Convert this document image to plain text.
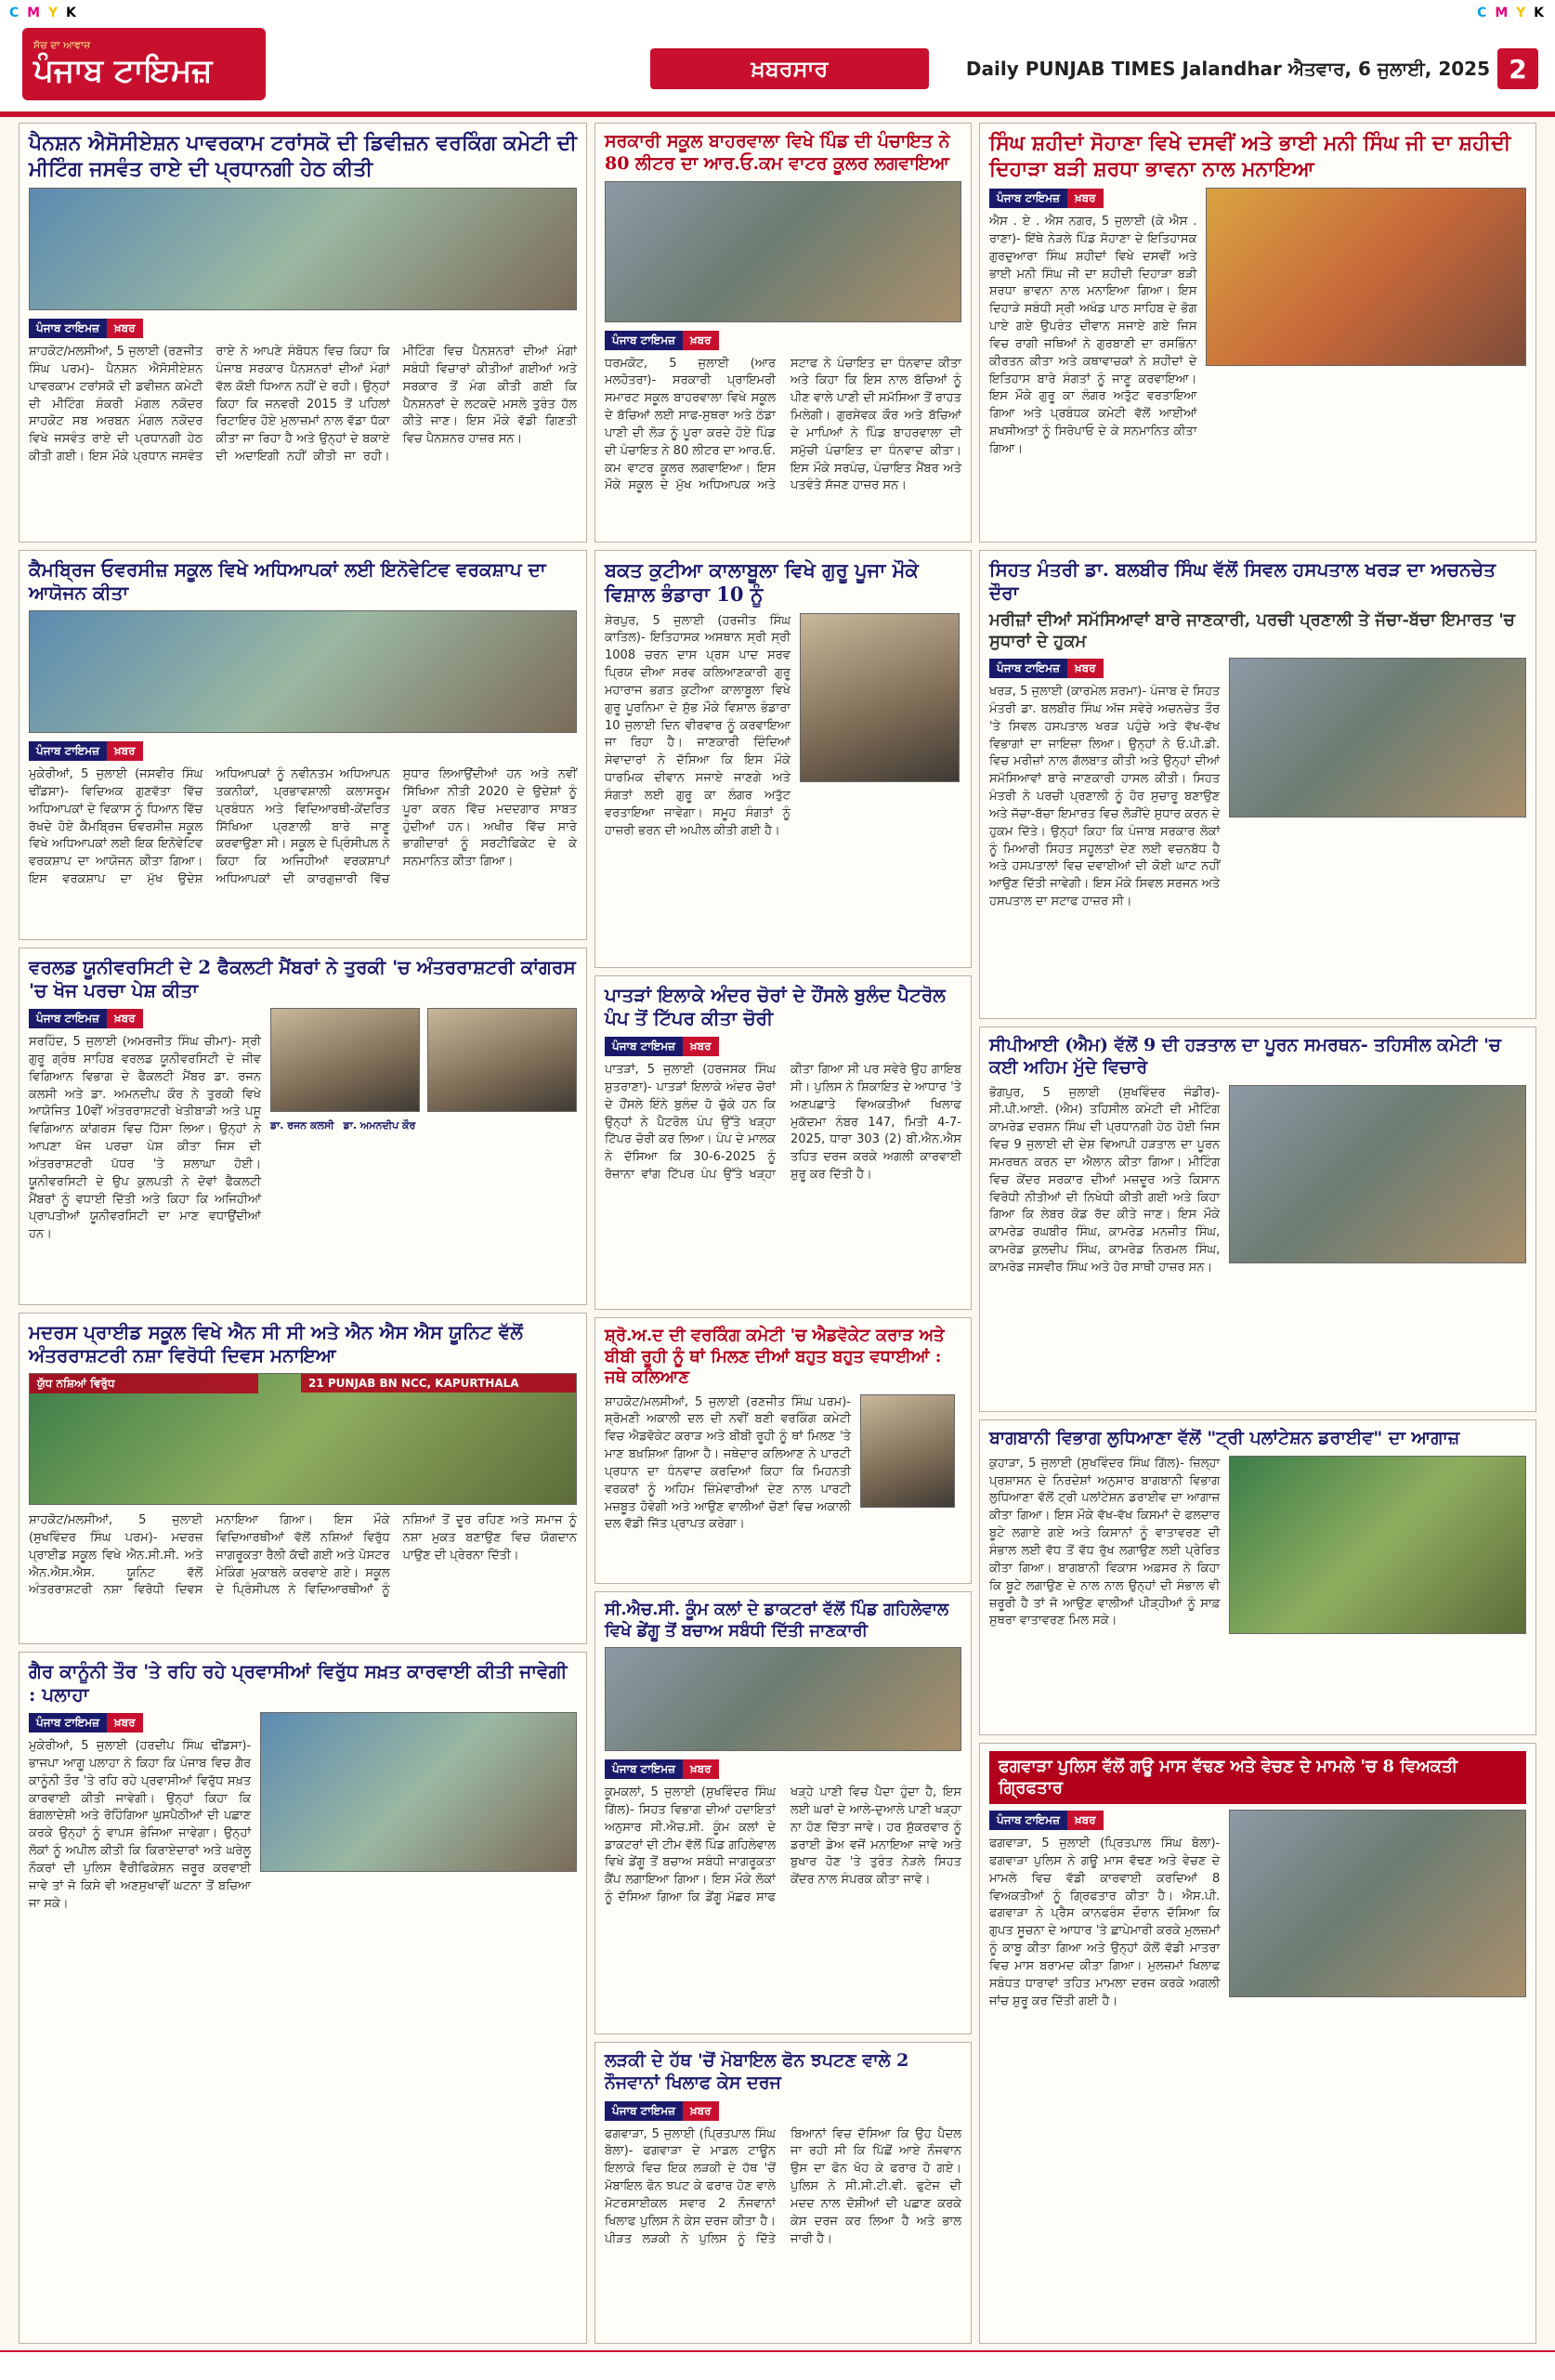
C M Y K	C M Y K
ਸੱਚ ਦਾ ਆਵਾਜ਼
ਪੰਜਾਬ ਟਾਇਮਜ਼	ਖ਼ਬਰਸਾਰ	Daily PUNJAB TIMES Jalandhar ਐਤਵਾਰ, 6 ਜੁਲਾਈ, 2025 2
ਪੈਨਸ਼ਨ ਐਸੋਸੀਏਸ਼ਨ ਪਾਵਰਕਾਮ ਟਰਾਂਸਕੋ ਦੀ ਡਿਵੀਜ਼ਨ ਵਰਕਿੰਗ ਕਮੇਟੀ ਦੀ ਮੀਟਿੰਗ ਜਸਵੰਤ ਰਾਏ ਦੀ ਪ੍ਰਧਾਨਗੀ ਹੇਠ ਕੀਤੀ
ਪੰਜਾਬ ਟਾਇਮਜ਼	ਖ਼ਬਰ
ਸ਼ਾਹਕੋਟ/ਮਲਸੀਆਂ, 5 ਜੁਲਾਈ (ਰਣਜੀਤ ਸਿੰਘ ਪਰਮ)- ਪੈਨਸ਼ਨ ਐਸੋਸੀਏਸ਼ਨ ਪਾਵਰਕਾਮ ਟਰਾਂਸਕੋ ਦੀ ਡਵੀਜ਼ਨ ਕਮੇਟੀ ਦੀ ਮੀਟਿੰਗ ਸ਼ੰਕਰੀ ਮੰਗਲ ਨਕੋਦਰ ਸਾਹਕੋਟ ਸਬ ਅਰਬਨ ਮੰਗਲ ਨਕੋਦਰ ਵਿਖੇ ਜਸਵੰਤ ਰਾਏ ਦੀ ਪ੍ਰਧਾਨਗੀ ਹੇਠ ਕੀਤੀ ਗਈ। ਇਸ ਮੌਕੇ ਪ੍ਰਧਾਨ ਜਸਵੰਤ ਰਾਏ ਨੇ ਆਪਣੇ ਸੰਬੋਧਨ ਵਿਚ ਕਿਹਾ ਕਿ ਪੰਜਾਬ ਸਰਕਾਰ ਪੈਨਸ਼ਨਰਾਂ ਦੀਆਂ ਮੰਗਾਂ ਵੱਲ ਕੋਈ ਧਿਆਨ ਨਹੀਂ ਦੇ ਰਹੀ। ਉਨ੍ਹਾਂ ਕਿਹਾ ਕਿ ਜਨਵਰੀ 2015 ਤੋਂ ਪਹਿਲਾਂ ਰਿਟਾਇਰ ਹੋਏ ਮੁਲਾਜ਼ਮਾਂ ਨਾਲ ਵੱਡਾ ਧੱਕਾ ਕੀਤਾ ਜਾ ਰਿਹਾ ਹੈ ਅਤੇ ਉਨ੍ਹਾਂ ਦੇ ਬਕਾਏ ਦੀ ਅਦਾਇਗੀ ਨਹੀਂ ਕੀਤੀ ਜਾ ਰਹੀ। ਮੀਟਿੰਗ ਵਿਚ ਪੈਨਸ਼ਨਰਾਂ ਦੀਆਂ ਮੰਗਾਂ ਸਬੰਧੀ ਵਿਚਾਰਾਂ ਕੀਤੀਆਂ ਗਈਆਂ ਅਤੇ ਸਰਕਾਰ ਤੋਂ ਮੰਗ ਕੀਤੀ ਗਈ ਕਿ ਪੈਨਸ਼ਨਰਾਂ ਦੇ ਲਟਕਦੇ ਮਸਲੇ ਤੁਰੰਤ ਹੱਲ ਕੀਤੇ ਜਾਣ। ਇਸ ਮੌਕੇ ਵੱਡੀ ਗਿਣਤੀ ਵਿਚ ਪੈਨਸ਼ਨਰ ਹਾਜ਼ਰ ਸਨ।
ਸਰਕਾਰੀ ਸਕੂਲ ਬਾਹਰਵਾਲਾ ਵਿਖੇ ਪਿੰਡ ਦੀ ਪੰਚਾਇਤ ਨੇ 80 ਲੀਟਰ ਦਾ ਆਰ.ਓ.ਕਮ ਵਾਟਰ ਕੂਲਰ ਲਗਵਾਇਆ
ਪੰਜਾਬ ਟਾਇਮਜ਼	ਖ਼ਬਰ
ਧਰਮਕੋਟ, 5 ਜੁਲਾਈ (ਆਰ ਮਲਹੋਤਰਾ)- ਸਰਕਾਰੀ ਪ੍ਰਾਇਮਰੀ ਸਮਾਰਟ ਸਕੂਲ ਬਾਹਰਵਾਲਾ ਵਿਖੇ ਸਕੂਲ ਦੇ ਬੱਚਿਆਂ ਲਈ ਸਾਫ-ਸੁਥਰਾ ਅਤੇ ਠੰਡਾ ਪਾਣੀ ਦੀ ਲੋੜ ਨੂੰ ਪੂਰਾ ਕਰਦੇ ਹੋਏ ਪਿੰਡ ਦੀ ਪੰਚਾਇਤ ਨੇ 80 ਲੀਟਰ ਦਾ ਆਰ.ਓ. ਕਮ ਵਾਟਰ ਕੂਲਰ ਲਗਵਾਇਆ। ਇਸ ਮੌਕੇ ਸਕੂਲ ਦੇ ਮੁੱਖ ਅਧਿਆਪਕ ਅਤੇ ਸਟਾਫ ਨੇ ਪੰਚਾਇਤ ਦਾ ਧੰਨਵਾਦ ਕੀਤਾ ਅਤੇ ਕਿਹਾ ਕਿ ਇਸ ਨਾਲ ਬੱਚਿਆਂ ਨੂੰ ਪੀਣ ਵਾਲੇ ਪਾਣੀ ਦੀ ਸਮੱਸਿਆ ਤੋਂ ਰਾਹਤ ਮਿਲੇਗੀ। ਗੁਰਸੇਵਕ ਕੌਰ ਅਤੇ ਬੱਚਿਆਂ ਦੇ ਮਾਪਿਆਂ ਨੇ ਪਿੰਡ ਬਾਹਰਵਾਲਾ ਦੀ ਸਮੁੱਚੀ ਪੰਚਾਇਤ ਦਾ ਧੰਨਵਾਦ ਕੀਤਾ। ਇਸ ਮੌਕੇ ਸਰਪੰਚ, ਪੰਚਾਇਤ ਮੈਂਬਰ ਅਤੇ ਪਤਵੰਤੇ ਸੱਜਣ ਹਾਜ਼ਰ ਸਨ।
ਸਿੰਘ ਸ਼ਹੀਦਾਂ ਸੋਹਾਣਾ ਵਿਖੇ ਦਸਵੀਂ ਅਤੇ ਭਾਈ ਮਨੀ ਸਿੰਘ ਜੀ ਦਾ ਸ਼ਹੀਦੀ ਦਿਹਾੜਾ ਬੜੀ ਸ਼ਰਧਾ ਭਾਵਨਾ ਨਾਲ ਮਨਾਇਆ
ਪੰਜਾਬ ਟਾਇਮਜ਼	ਖ਼ਬਰ
ਐਸ . ਏ . ਐਸ ਨਗਰ, 5 ਜੁਲਾਈ (ਕੇ ਐਸ . ਰਾਣਾ)- ਇੱਥੇ ਨੇੜਲੇ ਪਿੰਡ ਸੋਹਾਣਾ ਦੇ ਇਤਿਹਾਸਕ ਗੁਰਦੁਆਰਾ ਸਿੰਘ ਸ਼ਹੀਦਾਂ ਵਿਖੇ ਦਸਵੀਂ ਅਤੇ ਭਾਈ ਮਨੀ ਸਿੰਘ ਜੀ ਦਾ ਸ਼ਹੀਦੀ ਦਿਹਾੜਾ ਬੜੀ ਸ਼ਰਧਾ ਭਾਵਨਾ ਨਾਲ ਮਨਾਇਆ ਗਿਆ। ਇਸ ਦਿਹਾੜੇ ਸਬੰਧੀ ਸ੍ਰੀ ਅਖੰਡ ਪਾਠ ਸਾਹਿਬ ਦੇ ਭੋਗ ਪਾਏ ਗਏ ਉਪਰੰਤ ਦੀਵਾਨ ਸਜਾਏ ਗਏ ਜਿਸ ਵਿਚ ਰਾਗੀ ਜਥਿਆਂ ਨੇ ਗੁਰਬਾਣੀ ਦਾ ਰਸਭਿੰਨਾ ਕੀਰਤਨ ਕੀਤਾ ਅਤੇ ਕਥਾਵਾਚਕਾਂ ਨੇ ਸ਼ਹੀਦਾਂ ਦੇ ਇਤਿਹਾਸ ਬਾਰੇ ਸੰਗਤਾਂ ਨੂੰ ਜਾਣੂ ਕਰਵਾਇਆ। ਇਸ ਮੌਕੇ ਗੁਰੂ ਕਾ ਲੰਗਰ ਅਤੁੱਟ ਵਰਤਾਇਆ ਗਿਆ ਅਤੇ ਪ੍ਰਬੰਧਕ ਕਮੇਟੀ ਵੱਲੋਂ ਆਈਆਂ ਸ਼ਖਸੀਅਤਾਂ ਨੂੰ ਸਿਰੋਪਾਓ ਦੇ ਕੇ ਸਨਮਾਨਿਤ ਕੀਤਾ ਗਿਆ।
ਬਕਤ ਕੁਟੀਆ ਕਾਲਾਬੂਲਾ ਵਿਖੇ ਗੁਰੂ ਪੂਜਾ ਮੌਕੇ ਵਿਸ਼ਾਲ ਭੰਡਾਰਾ 10 ਨੂੰ
ਸ਼ੇਰਪੁਰ, 5 ਜੁਲਾਈ (ਹਰਜੀਤ ਸਿੰਘ ਕਾਤਿਲ)- ਇਤਿਹਾਸਕ ਅਸਥਾਨ ਸ੍ਰੀ ਸ੍ਰੀ 1008 ਚਰਨ ਦਾਸ ਪ੍ਰਸ ਪਾਦ ਸਰਵ ਪ੍ਰਿਯ ਦੀਆ ਸਰਵ ਕਲਿਆਣਕਾਰੀ ਗੁਰੂ ਮਹਾਰਾਜ ਭਗਤ ਕੁਟੀਆ ਕਾਲਾਬੂਲਾ ਵਿਖੇ ਗੁਰੂ ਪੂਰਨਿਮਾ ਦੇ ਸ਼ੁੱਭ ਮੌਕੇ ਵਿਸ਼ਾਲ ਭੰਡਾਰਾ 10 ਜੁਲਾਈ ਦਿਨ ਵੀਰਵਾਰ ਨੂੰ ਕਰਵਾਇਆ ਜਾ ਰਿਹਾ ਹੈ। ਜਾਣਕਾਰੀ ਦਿੰਦਿਆਂ ਸੇਵਾਦਾਰਾਂ ਨੇ ਦੱਸਿਆ ਕਿ ਇਸ ਮੌਕੇ ਧਾਰਮਿਕ ਦੀਵਾਨ ਸਜਾਏ ਜਾਣਗੇ ਅਤੇ ਸੰਗਤਾਂ ਲਈ ਗੁਰੂ ਕਾ ਲੰਗਰ ਅਤੁੱਟ ਵਰਤਾਇਆ ਜਾਵੇਗਾ। ਸਮੂਹ ਸੰਗਤਾਂ ਨੂੰ ਹਾਜ਼ਰੀ ਭਰਨ ਦੀ ਅਪੀਲ ਕੀਤੀ ਗਈ ਹੈ।
ਕੈਮਬ੍ਰਿਜ ਓਵਰਸੀਜ਼ ਸਕੂਲ ਵਿਖੇ ਅਧਿਆਪਕਾਂ ਲਈ ਇਨੋਵੇਟਿਵ ਵਰਕਸ਼ਾਪ ਦਾ ਆਯੋਜਨ ਕੀਤਾ
ਪੰਜਾਬ ਟਾਇਮਜ਼	ਖ਼ਬਰ
ਮੁਕੇਰੀਆਂ, 5 ਜੁਲਾਈ (ਜਸਵੀਰ ਸਿੰਘ ਢੀਂਡਸਾ)- ਵਿਦਿਅਕ ਗੁਣਵੱਤਾ ਵਿੱਚ ਅਧਿਆਪਕਾਂ ਦੇ ਵਿਕਾਸ ਨੂੰ ਧਿਆਨ ਵਿੱਚ ਰੱਖਦੇ ਹੋਏ ਕੈਮਬ੍ਰਿਜ ਓਵਰਸੀਜ਼ ਸਕੂਲ ਵਿਖੇ ਅਧਿਆਪਕਾਂ ਲਈ ਇਕ ਇਨੋਵੇਟਿਵ ਵਰਕਸ਼ਾਪ ਦਾ ਆਯੋਜਨ ਕੀਤਾ ਗਿਆ। ਇਸ ਵਰਕਸ਼ਾਪ ਦਾ ਮੁੱਖ ਉਦੇਸ਼ ਅਧਿਆਪਕਾਂ ਨੂੰ ਨਵੀਨਤਮ ਅਧਿਆਪਨ ਤਕਨੀਕਾਂ, ਪ੍ਰਭਾਵਸ਼ਾਲੀ ਕਲਾਸਰੂਮ ਪ੍ਰਬੰਧਨ ਅਤੇ ਵਿਦਿਆਰਥੀ-ਕੇਂਦਰਿਤ ਸਿੱਖਿਆ ਪ੍ਰਣਾਲੀ ਬਾਰੇ ਜਾਣੂ ਕਰਵਾਉਣਾ ਸੀ। ਸਕੂਲ ਦੇ ਪ੍ਰਿੰਸੀਪਲ ਨੇ ਕਿਹਾ ਕਿ ਅਜਿਹੀਆਂ ਵਰਕਸ਼ਾਪਾਂ ਅਧਿਆਪਕਾਂ ਦੀ ਕਾਰਗੁਜ਼ਾਰੀ ਵਿੱਚ ਸੁਧਾਰ ਲਿਆਉਂਦੀਆਂ ਹਨ ਅਤੇ ਨਵੀਂ ਸਿੱਖਿਆ ਨੀਤੀ 2020 ਦੇ ਉਦੇਸ਼ਾਂ ਨੂੰ ਪੂਰਾ ਕਰਨ ਵਿੱਚ ਮਦਦਗਾਰ ਸਾਬਤ ਹੁੰਦੀਆਂ ਹਨ। ਅਖੀਰ ਵਿੱਚ ਸਾਰੇ ਭਾਗੀਦਾਰਾਂ ਨੂੰ ਸਰਟੀਫਿਕੇਟ ਦੇ ਕੇ ਸਨਮਾਨਿਤ ਕੀਤਾ ਗਿਆ।
ਸਿਹਤ ਮੰਤਰੀ ਡਾ. ਬਲਬੀਰ ਸਿੰਘ ਵੱਲੋਂ ਸਿਵਲ ਹਸਪਤਾਲ ਖਰੜ ਦਾ ਅਚਨਚੇਤ ਦੌਰਾ
ਮਰੀਜ਼ਾਂ ਦੀਆਂ ਸਮੱਸਿਆਵਾਂ ਬਾਰੇ ਜਾਣਕਾਰੀ, ਪਰਚੀ ਪ੍ਰਣਾਲੀ ਤੇ ਜੱਚਾ-ਬੱਚਾ ਇਮਾਰਤ 'ਚ ਸੁਧਾਰਾਂ ਦੇ ਹੁਕਮ
ਪੰਜਾਬ ਟਾਇਮਜ਼	ਖ਼ਬਰ
ਖਰੜ, 5 ਜੁਲਾਈ (ਕਾਰਮੇਲ ਸ਼ਰਮਾ)- ਪੰਜਾਬ ਦੇ ਸਿਹਤ ਮੰਤਰੀ ਡਾ. ਬਲਬੀਰ ਸਿੰਘ ਅੱਜ ਸਵੇਰੇ ਅਚਨਚੇਤ ਤੌਰ 'ਤੇ ਸਿਵਲ ਹਸਪਤਾਲ ਖਰੜ ਪਹੁੰਚੇ ਅਤੇ ਵੱਖ-ਵੱਖ ਵਿਭਾਗਾਂ ਦਾ ਜਾਇਜ਼ਾ ਲਿਆ। ਉਨ੍ਹਾਂ ਨੇ ਓ.ਪੀ.ਡੀ. ਵਿਚ ਮਰੀਜ਼ਾਂ ਨਾਲ ਗੱਲਬਾਤ ਕੀਤੀ ਅਤੇ ਉਨ੍ਹਾਂ ਦੀਆਂ ਸਮੱਸਿਆਵਾਂ ਬਾਰੇ ਜਾਣਕਾਰੀ ਹਾਸਲ ਕੀਤੀ। ਸਿਹਤ ਮੰਤਰੀ ਨੇ ਪਰਚੀ ਪ੍ਰਣਾਲੀ ਨੂੰ ਹੋਰ ਸੁਚਾਰੂ ਬਣਾਉਣ ਅਤੇ ਜੱਚਾ-ਬੱਚਾ ਇਮਾਰਤ ਵਿਚ ਲੋੜੀਂਦੇ ਸੁਧਾਰ ਕਰਨ ਦੇ ਹੁਕਮ ਦਿੱਤੇ। ਉਨ੍ਹਾਂ ਕਿਹਾ ਕਿ ਪੰਜਾਬ ਸਰਕਾਰ ਲੋਕਾਂ ਨੂੰ ਮਿਆਰੀ ਸਿਹਤ ਸਹੂਲਤਾਂ ਦੇਣ ਲਈ ਵਚਨਬੱਧ ਹੈ ਅਤੇ ਹਸਪਤਾਲਾਂ ਵਿਚ ਦਵਾਈਆਂ ਦੀ ਕੋਈ ਘਾਟ ਨਹੀਂ ਆਉਣ ਦਿੱਤੀ ਜਾਵੇਗੀ। ਇਸ ਮੌਕੇ ਸਿਵਲ ਸਰਜਨ ਅਤੇ ਹਸਪਤਾਲ ਦਾ ਸਟਾਫ ਹਾਜ਼ਰ ਸੀ।
ਵਰਲਡ ਯੂਨੀਵਰਸਿਟੀ ਦੇ 2 ਫੈਕਲਟੀ ਮੈਂਬਰਾਂ ਨੇ ਤੁਰਕੀ 'ਚ ਅੰਤਰਰਾਸ਼ਟਰੀ ਕਾਂਗਰਸ 'ਚ ਖੋਜ ਪਰਚਾ ਪੇਸ਼ ਕੀਤਾ
ਪੰਜਾਬ ਟਾਇਮਜ਼	ਖ਼ਬਰ
ਸਰਹਿੰਦ, 5 ਜੁਲਾਈ (ਅਮਰਜੀਤ ਸਿੰਘ ਚੀਮਾ)- ਸ੍ਰੀ ਗੁਰੂ ਗ੍ਰੰਥ ਸਾਹਿਬ ਵਰਲਡ ਯੂਨੀਵਰਸਿਟੀ ਦੇ ਜੀਵ ਵਿਗਿਆਨ ਵਿਭਾਗ ਦੇ ਫੈਕਲਟੀ ਮੈਂਬਰ ਡਾ. ਰਜਨ ਕਲਸੀ ਅਤੇ ਡਾ. ਅਮਨਦੀਪ ਕੌਰ ਨੇ ਤੁਰਕੀ ਵਿਖੇ ਆਯੋਜਿਤ 10ਵੀਂ ਅੰਤਰਰਾਸ਼ਟਰੀ ਖੇਤੀਬਾੜੀ ਅਤੇ ਪਸ਼ੂ ਵਿਗਿਆਨ ਕਾਂਗਰਸ ਵਿਚ ਹਿੱਸਾ ਲਿਆ। ਉਨ੍ਹਾਂ ਨੇ ਆਪਣਾ ਖੋਜ ਪਰਚਾ ਪੇਸ਼ ਕੀਤਾ ਜਿਸ ਦੀ ਅੰਤਰਰਾਸ਼ਟਰੀ ਪੱਧਰ 'ਤੇ ਸ਼ਲਾਘਾ ਹੋਈ। ਯੂਨੀਵਰਸਿਟੀ ਦੇ ਉਪ ਕੁਲਪਤੀ ਨੇ ਦੋਵਾਂ ਫੈਕਲਟੀ ਮੈਂਬਰਾਂ ਨੂੰ ਵਧਾਈ ਦਿੱਤੀ ਅਤੇ ਕਿਹਾ ਕਿ ਅਜਿਹੀਆਂ ਪ੍ਰਾਪਤੀਆਂ ਯੂਨੀਵਰਸਿਟੀ ਦਾ ਮਾਣ ਵਧਾਉਂਦੀਆਂ ਹਨ।
ਡਾ. ਰਜਨ ਕਲਸੀ ਡਾ. ਅਮਨਦੀਪ ਕੌਰ
ਪਾਤੜਾਂ ਇਲਾਕੇ ਅੰਦਰ ਚੋਰਾਂ ਦੇ ਹੌਂਸਲੇ ਬੁਲੰਦ ਪੈਟਰੋਲ ਪੰਪ ਤੋਂ ਟਿੱਪਰ ਕੀਤਾ ਚੋਰੀ
ਪੰਜਾਬ ਟਾਇਮਜ਼	ਖ਼ਬਰ
ਪਾਤੜਾਂ, 5 ਜੁਲਾਈ (ਹਰਜਸਕ ਸਿੰਘ ਸ਼ੁਤਰਾਣਾ)- ਪਾਤੜਾਂ ਇਲਾਕੇ ਅੰਦਰ ਚੋਰਾਂ ਦੇ ਹੌਂਸਲੇ ਇੰਨੇ ਬੁਲੰਦ ਹੋ ਚੁੱਕੇ ਹਨ ਕਿ ਉਨ੍ਹਾਂ ਨੇ ਪੈਟਰੋਲ ਪੰਪ ਉੱਤੇ ਖੜ੍ਹਾ ਟਿੱਪਰ ਚੋਰੀ ਕਰ ਲਿਆ। ਪੰਪ ਦੇ ਮਾਲਕ ਨੇ ਦੱਸਿਆ ਕਿ 30-6-2025 ਨੂੰ ਰੋਜ਼ਾਨਾ ਵਾਂਗ ਟਿੱਪਰ ਪੰਪ ਉੱਤੇ ਖੜ੍ਹਾ ਕੀਤਾ ਗਿਆ ਸੀ ਪਰ ਸਵੇਰੇ ਉਹ ਗਾਇਬ ਸੀ। ਪੁਲਿਸ ਨੇ ਸ਼ਿਕਾਇਤ ਦੇ ਆਧਾਰ 'ਤੇ ਅਣਪਛਾਤੇ ਵਿਅਕਤੀਆਂ ਖਿਲਾਫ ਮੁਕੱਦਮਾ ਨੰਬਰ 147, ਮਿਤੀ 4-7-2025, ਧਾਰਾ 303 (2) ਬੀ.ਐਨ.ਐਸ ਤਹਿਤ ਦਰਜ ਕਰਕੇ ਅਗਲੀ ਕਾਰਵਾਈ ਸ਼ੁਰੂ ਕਰ ਦਿੱਤੀ ਹੈ।
ਸੀਪੀਆਈ (ਐਮ) ਵੱਲੋਂ 9 ਦੀ ਹੜਤਾਲ ਦਾ ਪੂਰਨ ਸਮਰਥਨ- ਤਹਿਸੀਲ ਕਮੇਟੀ 'ਚ ਕਈ ਅਹਿਮ ਮੁੱਦੇ ਵਿਚਾਰੇ
ਭੋਗਪੁਰ, 5 ਜੁਲਾਈ (ਸੁਖਵਿੰਦਰ ਜੰਡੀਰ)- ਸੀ.ਪੀ.ਆਈ. (ਐਮ) ਤਹਿਸੀਲ ਕਮੇਟੀ ਦੀ ਮੀਟਿੰਗ ਕਾਮਰੇਡ ਦਰਸ਼ਨ ਸਿੰਘ ਦੀ ਪ੍ਰਧਾਨਗੀ ਹੇਠ ਹੋਈ ਜਿਸ ਵਿਚ 9 ਜੁਲਾਈ ਦੀ ਦੇਸ਼ ਵਿਆਪੀ ਹੜਤਾਲ ਦਾ ਪੂਰਨ ਸਮਰਥਨ ਕਰਨ ਦਾ ਐਲਾਨ ਕੀਤਾ ਗਿਆ। ਮੀਟਿੰਗ ਵਿਚ ਕੇਂਦਰ ਸਰਕਾਰ ਦੀਆਂ ਮਜ਼ਦੂਰ ਅਤੇ ਕਿਸਾਨ ਵਿਰੋਧੀ ਨੀਤੀਆਂ ਦੀ ਨਿਖੇਧੀ ਕੀਤੀ ਗਈ ਅਤੇ ਕਿਹਾ ਗਿਆ ਕਿ ਲੇਬਰ ਕੋਡ ਰੱਦ ਕੀਤੇ ਜਾਣ। ਇਸ ਮੌਕੇ ਕਾਮਰੇਡ ਰਘਬੀਰ ਸਿੰਘ, ਕਾਮਰੇਡ ਮਨਜੀਤ ਸਿੰਘ, ਕਾਮਰੇਡ ਕੁਲਦੀਪ ਸਿੰਘ, ਕਾਮਰੇਡ ਨਿਰਮਲ ਸਿੰਘ, ਕਾਮਰੇਡ ਜਸਵੀਰ ਸਿੰਘ ਅਤੇ ਹੋਰ ਸਾਥੀ ਹਾਜ਼ਰ ਸਨ।
ਮਦਰਸ ਪ੍ਰਾਈਡ ਸਕੂਲ ਵਿਖੇ ਐਨ ਸੀ ਸੀ ਅਤੇ ਐਨ ਐਸ ਐਸ ਯੂਨਿਟ ਵੱਲੋਂ ਅੰਤਰਰਾਸ਼ਟਰੀ ਨਸ਼ਾ ਵਿਰੋਧੀ ਦਿਵਸ ਮਨਾਇਆ
ਯੁੱਧ ਨਸ਼ਿਆਂ ਵਿਰੁੱਧ	21 PUNJAB BN NCC, KAPURTHALA
ਸ਼ਾਹਕੋਟ/ਮਲਸੀਆਂ, 5 ਜੁਲਾਈ (ਸੁਖਵਿੰਦਰ ਸਿੰਘ ਪਰਮ)- ਮਦਰਜ਼ ਪ੍ਰਾਈਡ ਸਕੂਲ ਵਿਖੇ ਐਨ.ਸੀ.ਸੀ. ਅਤੇ ਐਨ.ਐਸ.ਐਸ. ਯੂਨਿਟ ਵੱਲੋਂ ਅੰਤਰਰਾਸ਼ਟਰੀ ਨਸ਼ਾ ਵਿਰੋਧੀ ਦਿਵਸ ਮਨਾਇਆ ਗਿਆ। ਇਸ ਮੌਕੇ ਵਿਦਿਆਰਥੀਆਂ ਵੱਲੋਂ ਨਸ਼ਿਆਂ ਵਿਰੁੱਧ ਜਾਗਰੂਕਤਾ ਰੈਲੀ ਕੱਢੀ ਗਈ ਅਤੇ ਪੋਸਟਰ ਮੇਕਿੰਗ ਮੁਕਾਬਲੇ ਕਰਵਾਏ ਗਏ। ਸਕੂਲ ਦੇ ਪ੍ਰਿੰਸੀਪਲ ਨੇ ਵਿਦਿਆਰਥੀਆਂ ਨੂੰ ਨਸ਼ਿਆਂ ਤੋਂ ਦੂਰ ਰਹਿਣ ਅਤੇ ਸਮਾਜ ਨੂੰ ਨਸ਼ਾ ਮੁਕਤ ਬਣਾਉਣ ਵਿਚ ਯੋਗਦਾਨ ਪਾਉਣ ਦੀ ਪ੍ਰੇਰਨਾ ਦਿੱਤੀ।
ਸ਼੍ਰੋ.ਅ.ਦ ਦੀ ਵਰਕਿੰਗ ਕਮੇਟੀ 'ਚ ਐਡਵੋਕੇਟ ਕਰਾੜ ਅਤੇ ਬੀਬੀ ਰੂਹੀ ਨੂੰ ਥਾਂ ਮਿਲਣ ਦੀਆਂ ਬਹੁਤ ਬਹੁਤ ਵਧਾਈਆਂ : ਜਥੇ ਕਲਿਆਣ
ਸ਼ਾਹਕੋਟ/ਮਲਸੀਆਂ, 5 ਜੁਲਾਈ (ਰਣਜੀਤ ਸਿੰਘ ਪਰਮ)- ਸ਼੍ਰੋਮਣੀ ਅਕਾਲੀ ਦਲ ਦੀ ਨਵੀਂ ਬਣੀ ਵਰਕਿੰਗ ਕਮੇਟੀ ਵਿਚ ਐਡਵੋਕੇਟ ਕਰਾੜ ਅਤੇ ਬੀਬੀ ਰੂਹੀ ਨੂੰ ਥਾਂ ਮਿਲਣ 'ਤੇ ਮਾਣ ਬਖ਼ਸ਼ਿਆ ਗਿਆ ਹੈ। ਜਥੇਦਾਰ ਕਲਿਆਣ ਨੇ ਪਾਰਟੀ ਪ੍ਰਧਾਨ ਦਾ ਧੰਨਵਾਦ ਕਰਦਿਆਂ ਕਿਹਾ ਕਿ ਮਿਹਨਤੀ ਵਰਕਰਾਂ ਨੂੰ ਅਹਿਮ ਜ਼ਿੰਮੇਵਾਰੀਆਂ ਦੇਣ ਨਾਲ ਪਾਰਟੀ ਮਜ਼ਬੂਤ ਹੋਵੇਗੀ ਅਤੇ ਆਉਣ ਵਾਲੀਆਂ ਚੋਣਾਂ ਵਿਚ ਅਕਾਲੀ ਦਲ ਵੱਡੀ ਜਿੱਤ ਪ੍ਰਾਪਤ ਕਰੇਗਾ।
ਸੀ.ਐਚ.ਸੀ. ਕੂੰਮ ਕਲਾਂ ਦੇ ਡਾਕਟਰਾਂ ਵੱਲੋਂ ਪਿੰਡ ਗਹਿਲੇਵਾਲ ਵਿਖੇ ਡੇਂਗੂ ਤੋਂ ਬਚਾਅ ਸਬੰਧੀ ਦਿੱਤੀ ਜਾਣਕਾਰੀ
ਪੰਜਾਬ ਟਾਇਮਜ਼	ਖ਼ਬਰ
ਕੂਮਕਲਾਂ, 5 ਜੁਲਾਈ (ਸੁਖਵਿੰਦਰ ਸਿੰਘ ਗਿੱਲ)- ਸਿਹਤ ਵਿਭਾਗ ਦੀਆਂ ਹਦਾਇਤਾਂ ਅਨੁਸਾਰ ਸੀ.ਐਚ.ਸੀ. ਕੂੰਮ ਕਲਾਂ ਦੇ ਡਾਕਟਰਾਂ ਦੀ ਟੀਮ ਵੱਲੋਂ ਪਿੰਡ ਗਹਿਲੇਵਾਲ ਵਿਖੇ ਡੇਂਗੂ ਤੋਂ ਬਚਾਅ ਸਬੰਧੀ ਜਾਗਰੂਕਤਾ ਕੈਂਪ ਲਗਾਇਆ ਗਿਆ। ਇਸ ਮੌਕੇ ਲੋਕਾਂ ਨੂੰ ਦੱਸਿਆ ਗਿਆ ਕਿ ਡੇਂਗੂ ਮੱਛਰ ਸਾਫ ਖੜ੍ਹੇ ਪਾਣੀ ਵਿਚ ਪੈਦਾ ਹੁੰਦਾ ਹੈ, ਇਸ ਲਈ ਘਰਾਂ ਦੇ ਆਲੇ-ਦੁਆਲੇ ਪਾਣੀ ਖੜ੍ਹਾ ਨਾ ਹੋਣ ਦਿੱਤਾ ਜਾਵੇ। ਹਰ ਸ਼ੁੱਕਰਵਾਰ ਨੂੰ ਡਰਾਈ ਡੇਅ ਵਜੋਂ ਮਨਾਇਆ ਜਾਵੇ ਅਤੇ ਬੁਖਾਰ ਹੋਣ 'ਤੇ ਤੁਰੰਤ ਨੇੜਲੇ ਸਿਹਤ ਕੇਂਦਰ ਨਾਲ ਸੰਪਰਕ ਕੀਤਾ ਜਾਵੇ।
ਬਾਗਬਾਨੀ ਵਿਭਾਗ ਲੁਧਿਆਣਾ ਵੱਲੋਂ "ਟ੍ਰੀ ਪਲਾਂਟੇਸ਼ਨ ਡਰਾਈਵ" ਦਾ ਆਗਾਜ਼
ਕੁਹਾੜਾ, 5 ਜੁਲਾਈ (ਸੁਖਵਿੰਦਰ ਸਿੰਘ ਗਿੱਲ)- ਜ਼ਿਲ੍ਹਾ ਪ੍ਰਸ਼ਾਸਨ ਦੇ ਨਿਰਦੇਸ਼ਾਂ ਅਨੁਸਾਰ ਬਾਗਬਾਨੀ ਵਿਭਾਗ ਲੁਧਿਆਣਾ ਵੱਲੋਂ ਟ੍ਰੀ ਪਲਾਂਟੇਸ਼ਨ ਡਰਾਈਵ ਦਾ ਆਗਾਜ਼ ਕੀਤਾ ਗਿਆ। ਇਸ ਮੌਕੇ ਵੱਖ-ਵੱਖ ਕਿਸਮਾਂ ਦੇ ਫਲਦਾਰ ਬੂਟੇ ਲਗਾਏ ਗਏ ਅਤੇ ਕਿਸਾਨਾਂ ਨੂੰ ਵਾਤਾਵਰਣ ਦੀ ਸੰਭਾਲ ਲਈ ਵੱਧ ਤੋਂ ਵੱਧ ਰੁੱਖ ਲਗਾਉਣ ਲਈ ਪ੍ਰੇਰਿਤ ਕੀਤਾ ਗਿਆ। ਬਾਗਬਾਨੀ ਵਿਕਾਸ ਅਫ਼ਸਰ ਨੇ ਕਿਹਾ ਕਿ ਬੂਟੇ ਲਗਾਉਣ ਦੇ ਨਾਲ ਨਾਲ ਉਨ੍ਹਾਂ ਦੀ ਸੰਭਾਲ ਵੀ ਜ਼ਰੂਰੀ ਹੈ ਤਾਂ ਜੋ ਆਉਣ ਵਾਲੀਆਂ ਪੀੜ੍ਹੀਆਂ ਨੂੰ ਸਾਫ਼ ਸੁਥਰਾ ਵਾਤਾਵਰਣ ਮਿਲ ਸਕੇ।
ਗੈਰ ਕਾਨੂੰਨੀ ਤੌਰ 'ਤੇ ਰਹਿ ਰਹੇ ਪ੍ਰਵਾਸੀਆਂ ਵਿਰੁੱਧ ਸਖ਼ਤ ਕਾਰਵਾਈ ਕੀਤੀ ਜਾਵੇਗੀ : ਪਲਾਹਾ
ਪੰਜਾਬ ਟਾਇਮਜ਼	ਖ਼ਬਰ
ਮੁਕੇਰੀਆਂ, 5 ਜੁਲਾਈ (ਹਰਦੀਪ ਸਿੰਘ ਢੀਂਡਸਾ)- ਭਾਜਪਾ ਆਗੂ ਪਲਾਹਾ ਨੇ ਕਿਹਾ ਕਿ ਪੰਜਾਬ ਵਿਚ ਗੈਰ ਕਾਨੂੰਨੀ ਤੌਰ 'ਤੇ ਰਹਿ ਰਹੇ ਪ੍ਰਵਾਸੀਆਂ ਵਿਰੁੱਧ ਸਖ਼ਤ ਕਾਰਵਾਈ ਕੀਤੀ ਜਾਵੇਗੀ। ਉਨ੍ਹਾਂ ਕਿਹਾ ਕਿ ਬੰਗਲਾਦੇਸ਼ੀ ਅਤੇ ਰੋਹਿੰਗਿਆ ਘੁਸਪੈਠੀਆਂ ਦੀ ਪਛਾਣ ਕਰਕੇ ਉਨ੍ਹਾਂ ਨੂੰ ਵਾਪਸ ਭੇਜਿਆ ਜਾਵੇਗਾ। ਉਨ੍ਹਾਂ ਲੋਕਾਂ ਨੂੰ ਅਪੀਲ ਕੀਤੀ ਕਿ ਕਿਰਾਏਦਾਰਾਂ ਅਤੇ ਘਰੇਲੂ ਨੌਕਰਾਂ ਦੀ ਪੁਲਿਸ ਵੈਰੀਫਿਕੇਸ਼ਨ ਜ਼ਰੂਰ ਕਰਵਾਈ ਜਾਵੇ ਤਾਂ ਜੋ ਕਿਸੇ ਵੀ ਅਣਸੁਖਾਵੀਂ ਘਟਨਾ ਤੋਂ ਬਚਿਆ ਜਾ ਸਕੇ।
ਲੜਕੀ ਦੇ ਹੱਥ 'ਚੋਂ ਮੋਬਾਇਲ ਫੋਨ ਝਪਟਣ ਵਾਲੇ 2 ਨੌਜਵਾਨਾਂ ਖਿਲਾਫ ਕੇਸ ਦਰਜ
ਪੰਜਾਬ ਟਾਇਮਜ਼	ਖ਼ਬਰ
ਫਗਵਾੜਾ, 5 ਜੁਲਾਈ (ਪ੍ਰਿਤਪਾਲ ਸਿੰਘ ਬੋਲਾ)- ਫਗਵਾੜਾ ਦੇ ਮਾਡਲ ਟਾਊਨ ਇਲਾਕੇ ਵਿਚ ਇਕ ਲੜਕੀ ਦੇ ਹੱਥ 'ਚੋਂ ਮੋਬਾਇਲ ਫੋਨ ਝਪਟ ਕੇ ਫਰਾਰ ਹੋਣ ਵਾਲੇ ਮੋਟਰਸਾਈਕਲ ਸਵਾਰ 2 ਨੌਜਵਾਨਾਂ ਖਿਲਾਫ ਪੁਲਿਸ ਨੇ ਕੇਸ ਦਰਜ ਕੀਤਾ ਹੈ। ਪੀੜਤ ਲੜਕੀ ਨੇ ਪੁਲਿਸ ਨੂੰ ਦਿੱਤੇ ਬਿਆਨਾਂ ਵਿਚ ਦੱਸਿਆ ਕਿ ਉਹ ਪੈਦਲ ਜਾ ਰਹੀ ਸੀ ਕਿ ਪਿੱਛੋਂ ਆਏ ਨੌਜਵਾਨ ਉਸ ਦਾ ਫੋਨ ਖੋਹ ਕੇ ਫਰਾਰ ਹੋ ਗਏ। ਪੁਲਿਸ ਨੇ ਸੀ.ਸੀ.ਟੀ.ਵੀ. ਫੁਟੇਜ ਦੀ ਮਦਦ ਨਾਲ ਦੋਸ਼ੀਆਂ ਦੀ ਪਛਾਣ ਕਰਕੇ ਕੇਸ ਦਰਜ ਕਰ ਲਿਆ ਹੈ ਅਤੇ ਭਾਲ ਜਾਰੀ ਹੈ।
ਫਗਵਾੜਾ ਪੁਲਿਸ ਵੱਲੋਂ ਗਊ ਮਾਸ ਵੱਢਣ ਅਤੇ ਵੇਚਣ ਦੇ ਮਾਮਲੇ 'ਚ 8 ਵਿਅਕਤੀ ਗ੍ਰਿਫਤਾਰ
ਪੰਜਾਬ ਟਾਇਮਜ਼	ਖ਼ਬਰ
ਫਗਵਾੜਾ, 5 ਜੁਲਾਈ (ਪ੍ਰਿਤਪਾਲ ਸਿੰਘ ਬੋਲਾ)- ਫਗਵਾੜਾ ਪੁਲਿਸ ਨੇ ਗਊ ਮਾਸ ਵੱਢਣ ਅਤੇ ਵੇਚਣ ਦੇ ਮਾਮਲੇ ਵਿਚ ਵੱਡੀ ਕਾਰਵਾਈ ਕਰਦਿਆਂ 8 ਵਿਅਕਤੀਆਂ ਨੂੰ ਗ੍ਰਿਫਤਾਰ ਕੀਤਾ ਹੈ। ਐਸ.ਪੀ. ਫਗਵਾੜਾ ਨੇ ਪ੍ਰੈਸ ਕਾਨਫਰੰਸ ਦੌਰਾਨ ਦੱਸਿਆ ਕਿ ਗੁਪਤ ਸੂਚਨਾ ਦੇ ਆਧਾਰ 'ਤੇ ਛਾਪੇਮਾਰੀ ਕਰਕੇ ਮੁਲਜ਼ਮਾਂ ਨੂੰ ਕਾਬੂ ਕੀਤਾ ਗਿਆ ਅਤੇ ਉਨ੍ਹਾਂ ਕੋਲੋਂ ਵੱਡੀ ਮਾਤਰਾ ਵਿਚ ਮਾਸ ਬਰਾਮਦ ਕੀਤਾ ਗਿਆ। ਮੁਲਜ਼ਮਾਂ ਖਿਲਾਫ ਸਬੰਧਤ ਧਾਰਾਵਾਂ ਤਹਿਤ ਮਾਮਲਾ ਦਰਜ ਕਰਕੇ ਅਗਲੀ ਜਾਂਚ ਸ਼ੁਰੂ ਕਰ ਦਿੱਤੀ ਗਈ ਹੈ।
